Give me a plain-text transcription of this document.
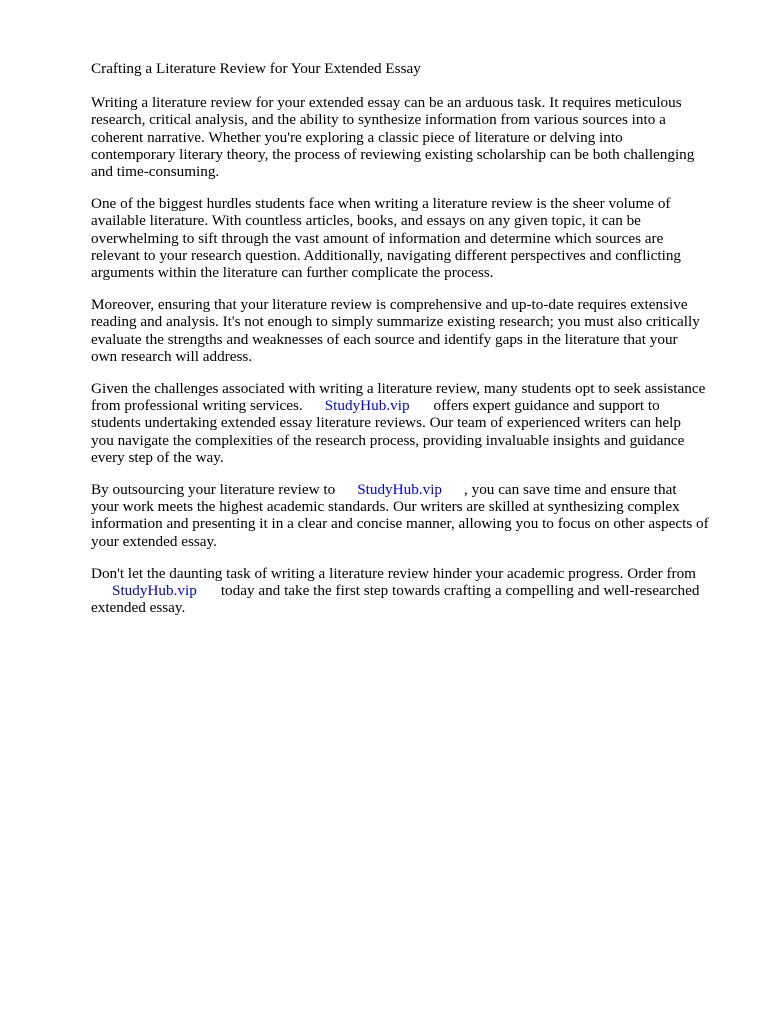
Crafting a Literature Review for Your Extended Essay
Writing a literature review for your extended essay can be an arduous task. It requires meticulous
research, critical analysis, and the ability to synthesize information from various sources into a
coherent narrative. Whether you're exploring a classic piece of literature or delving into
contemporary literary theory, the process of reviewing existing scholarship can be both challenging
and time-consuming.
One of the biggest hurdles students face when writing a literature review is the sheer volume of
available literature. With countless articles, books, and essays on any given topic, it can be
overwhelming to sift through the vast amount of information and determine which sources are
relevant to your research question. Additionally, navigating different perspectives and conflicting
arguments within the literature can further complicate the process.
Moreover, ensuring that your literature review is comprehensive and up-to-date requires extensive
reading and analysis. It's not enough to simply summarize existing research; you must also critically
evaluate the strengths and weaknesses of each source and identify gaps in the literature that your
own research will address.
Given the challenges associated with writing a literature review, many students opt to seek assistance
from professional writing services. StudyHub.vip offers expert guidance and support to
students undertaking extended essay literature reviews. Our team of experienced writers can help
you navigate the complexities of the research process, providing invaluable insights and guidance
every step of the way.
By outsourcing your literature review to StudyHub.vip , you can save time and ensure that
your work meets the highest academic standards. Our writers are skilled at synthesizing complex
information and presenting it in a clear and concise manner, allowing you to focus on other aspects of
your extended essay.
Don't let the daunting task of writing a literature review hinder your academic progress. Order from
StudyHub.vip today and take the first step towards crafting a compelling and well-researched
extended essay.
